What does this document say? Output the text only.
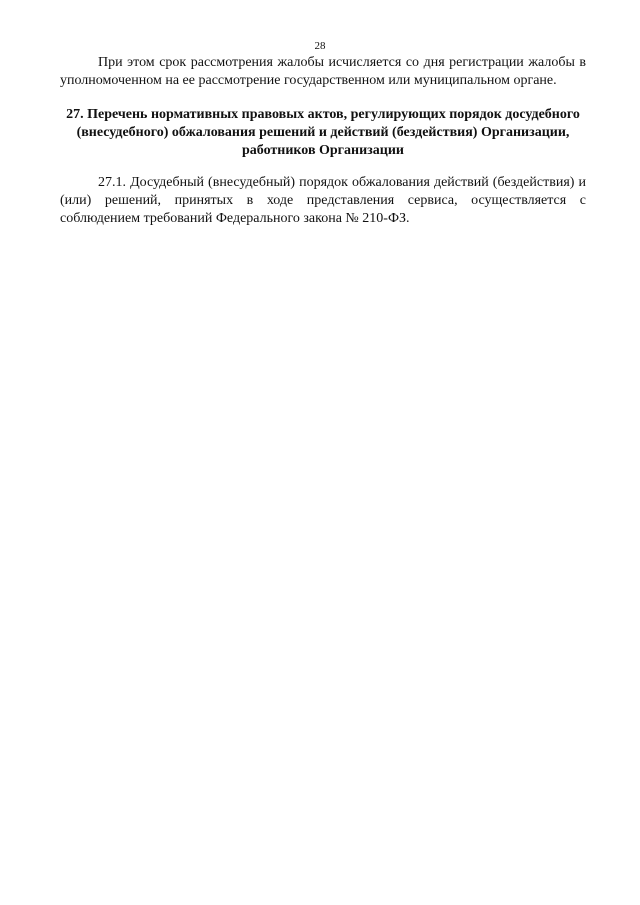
28

При этом срок рассмотрения жалобы исчисляется со дня регистрации жалобы в уполномоченном на ее рассмотрение государственном или муниципальном органе.

27. Перечень нормативных правовых актов, регулирующих порядок досудебного (внесудебного) обжалования решений и действий (бездействия) Организации, работников Организации

27.1. Досудебный (внесудебный) порядок обжалования действий (бездействия) и (или) решений, принятых в ходе представления сервиса, осуществляется с соблюдением требований Федерального закона № 210-ФЗ.
